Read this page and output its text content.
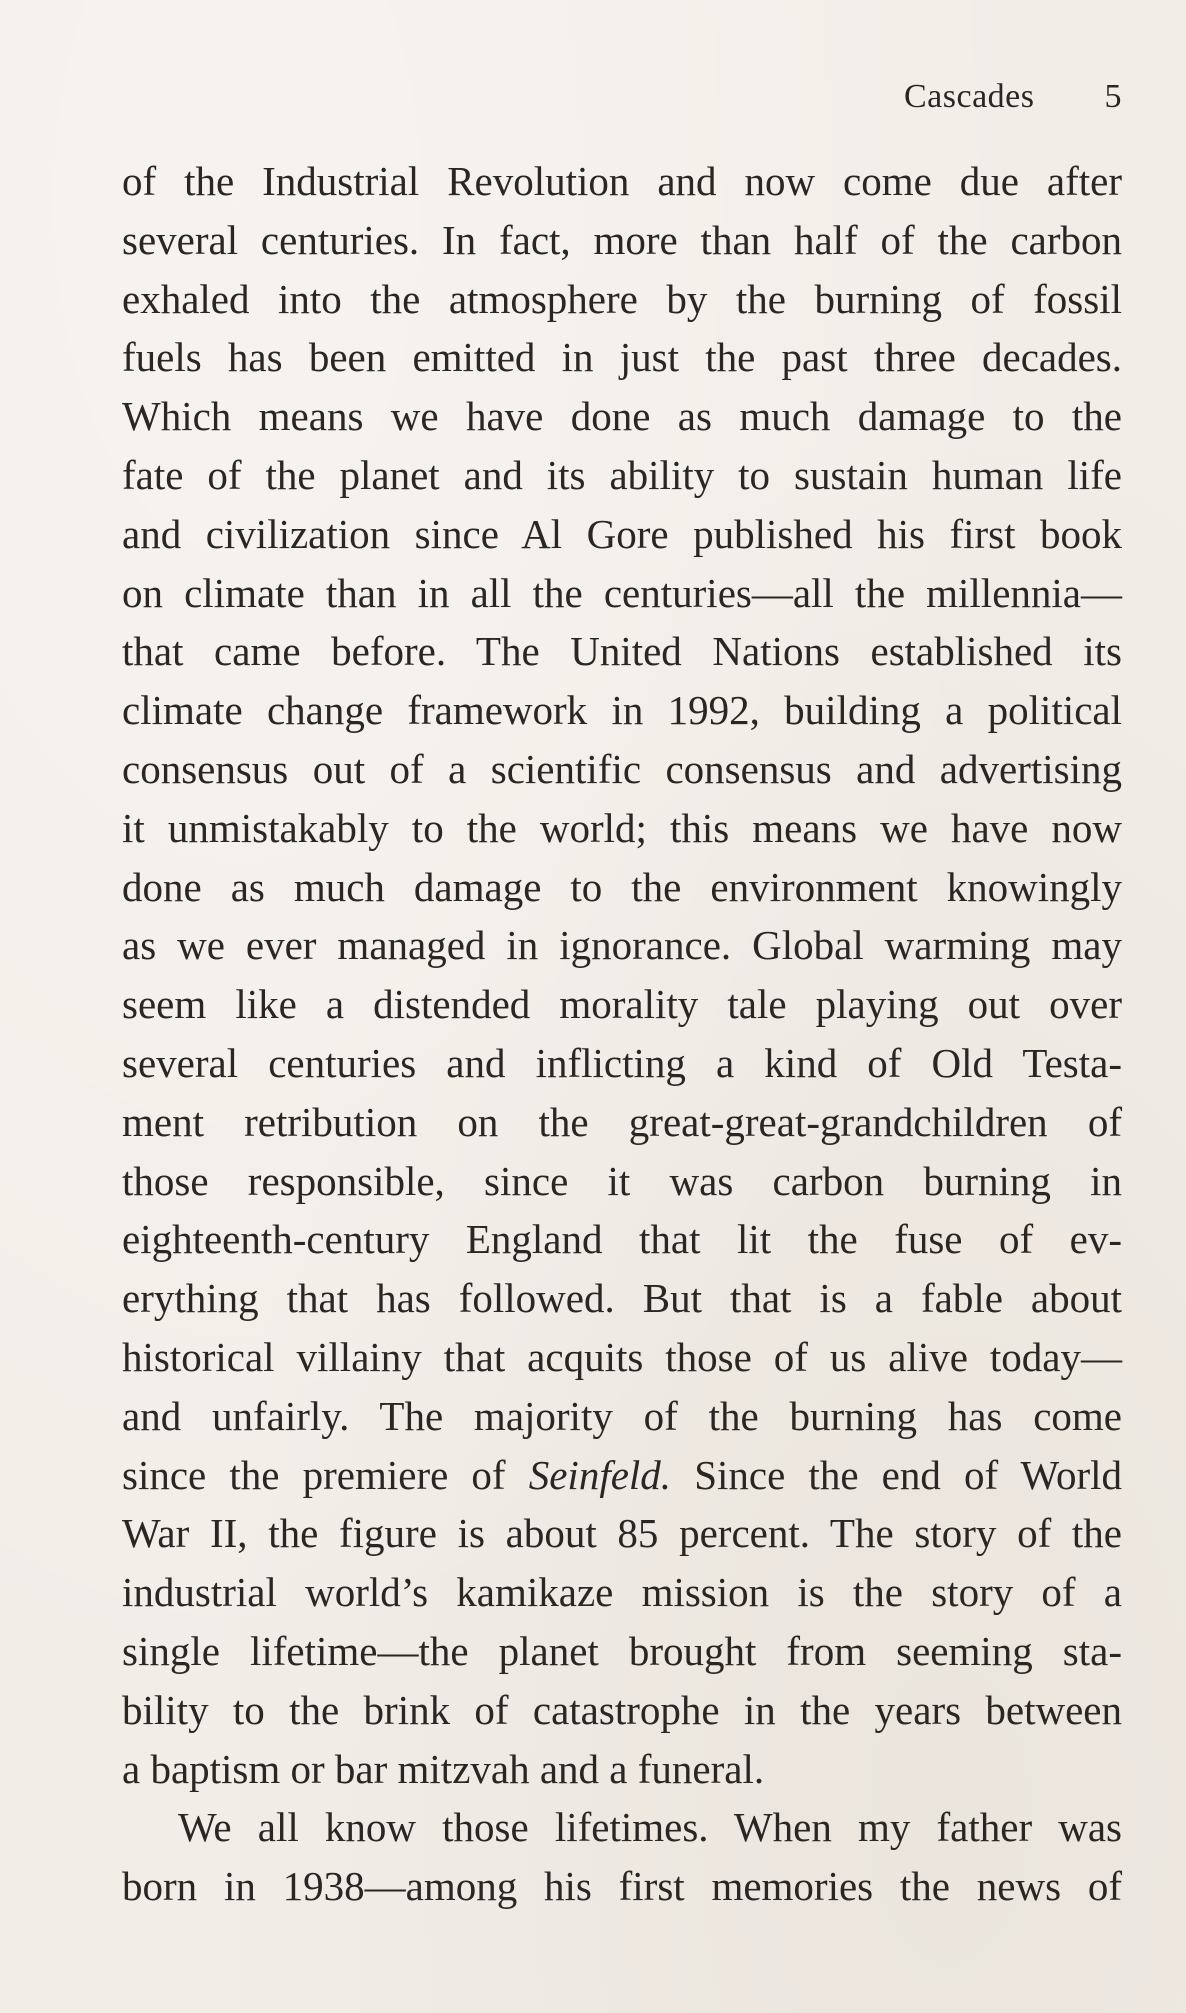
Cascades 5
of the Industrial Revolution and now come due after
several centuries. In fact, more than half of the carbon
exhaled into the atmosphere by the burning of fossil
fuels has been emitted in just the past three decades.
Which means we have done as much damage to the
fate of the planet and its ability to sustain human life
and civilization since Al Gore published his first book
on climate than in all the centuries—all the millennia—
that came before. The United Nations established its
climate change framework in 1992, building a political
consensus out of a scientific consensus and advertising
it unmistakably to the world; this means we have now
done as much damage to the environment knowingly
as we ever managed in ignorance. Global warming may
seem like a distended morality tale playing out over
several centuries and inflicting a kind of Old Testa-
ment retribution on the great-great-grandchildren of
those responsible, since it was carbon burning in
eighteenth-century England that lit the fuse of ev-
erything that has followed. But that is a fable about
historical villainy that acquits those of us alive today—
and unfairly. The majority of the burning has come
since the premiere of Seinfeld. Since the end of World
War II, the figure is about 85 percent. The story of the
industrial world’s kamikaze mission is the story of a
single lifetime—the planet brought from seeming sta-
bility to the brink of catastrophe in the years between
a baptism or bar mitzvah and a funeral.
We all know those lifetimes. When my father was
born in 1938—among his first memories the news of
